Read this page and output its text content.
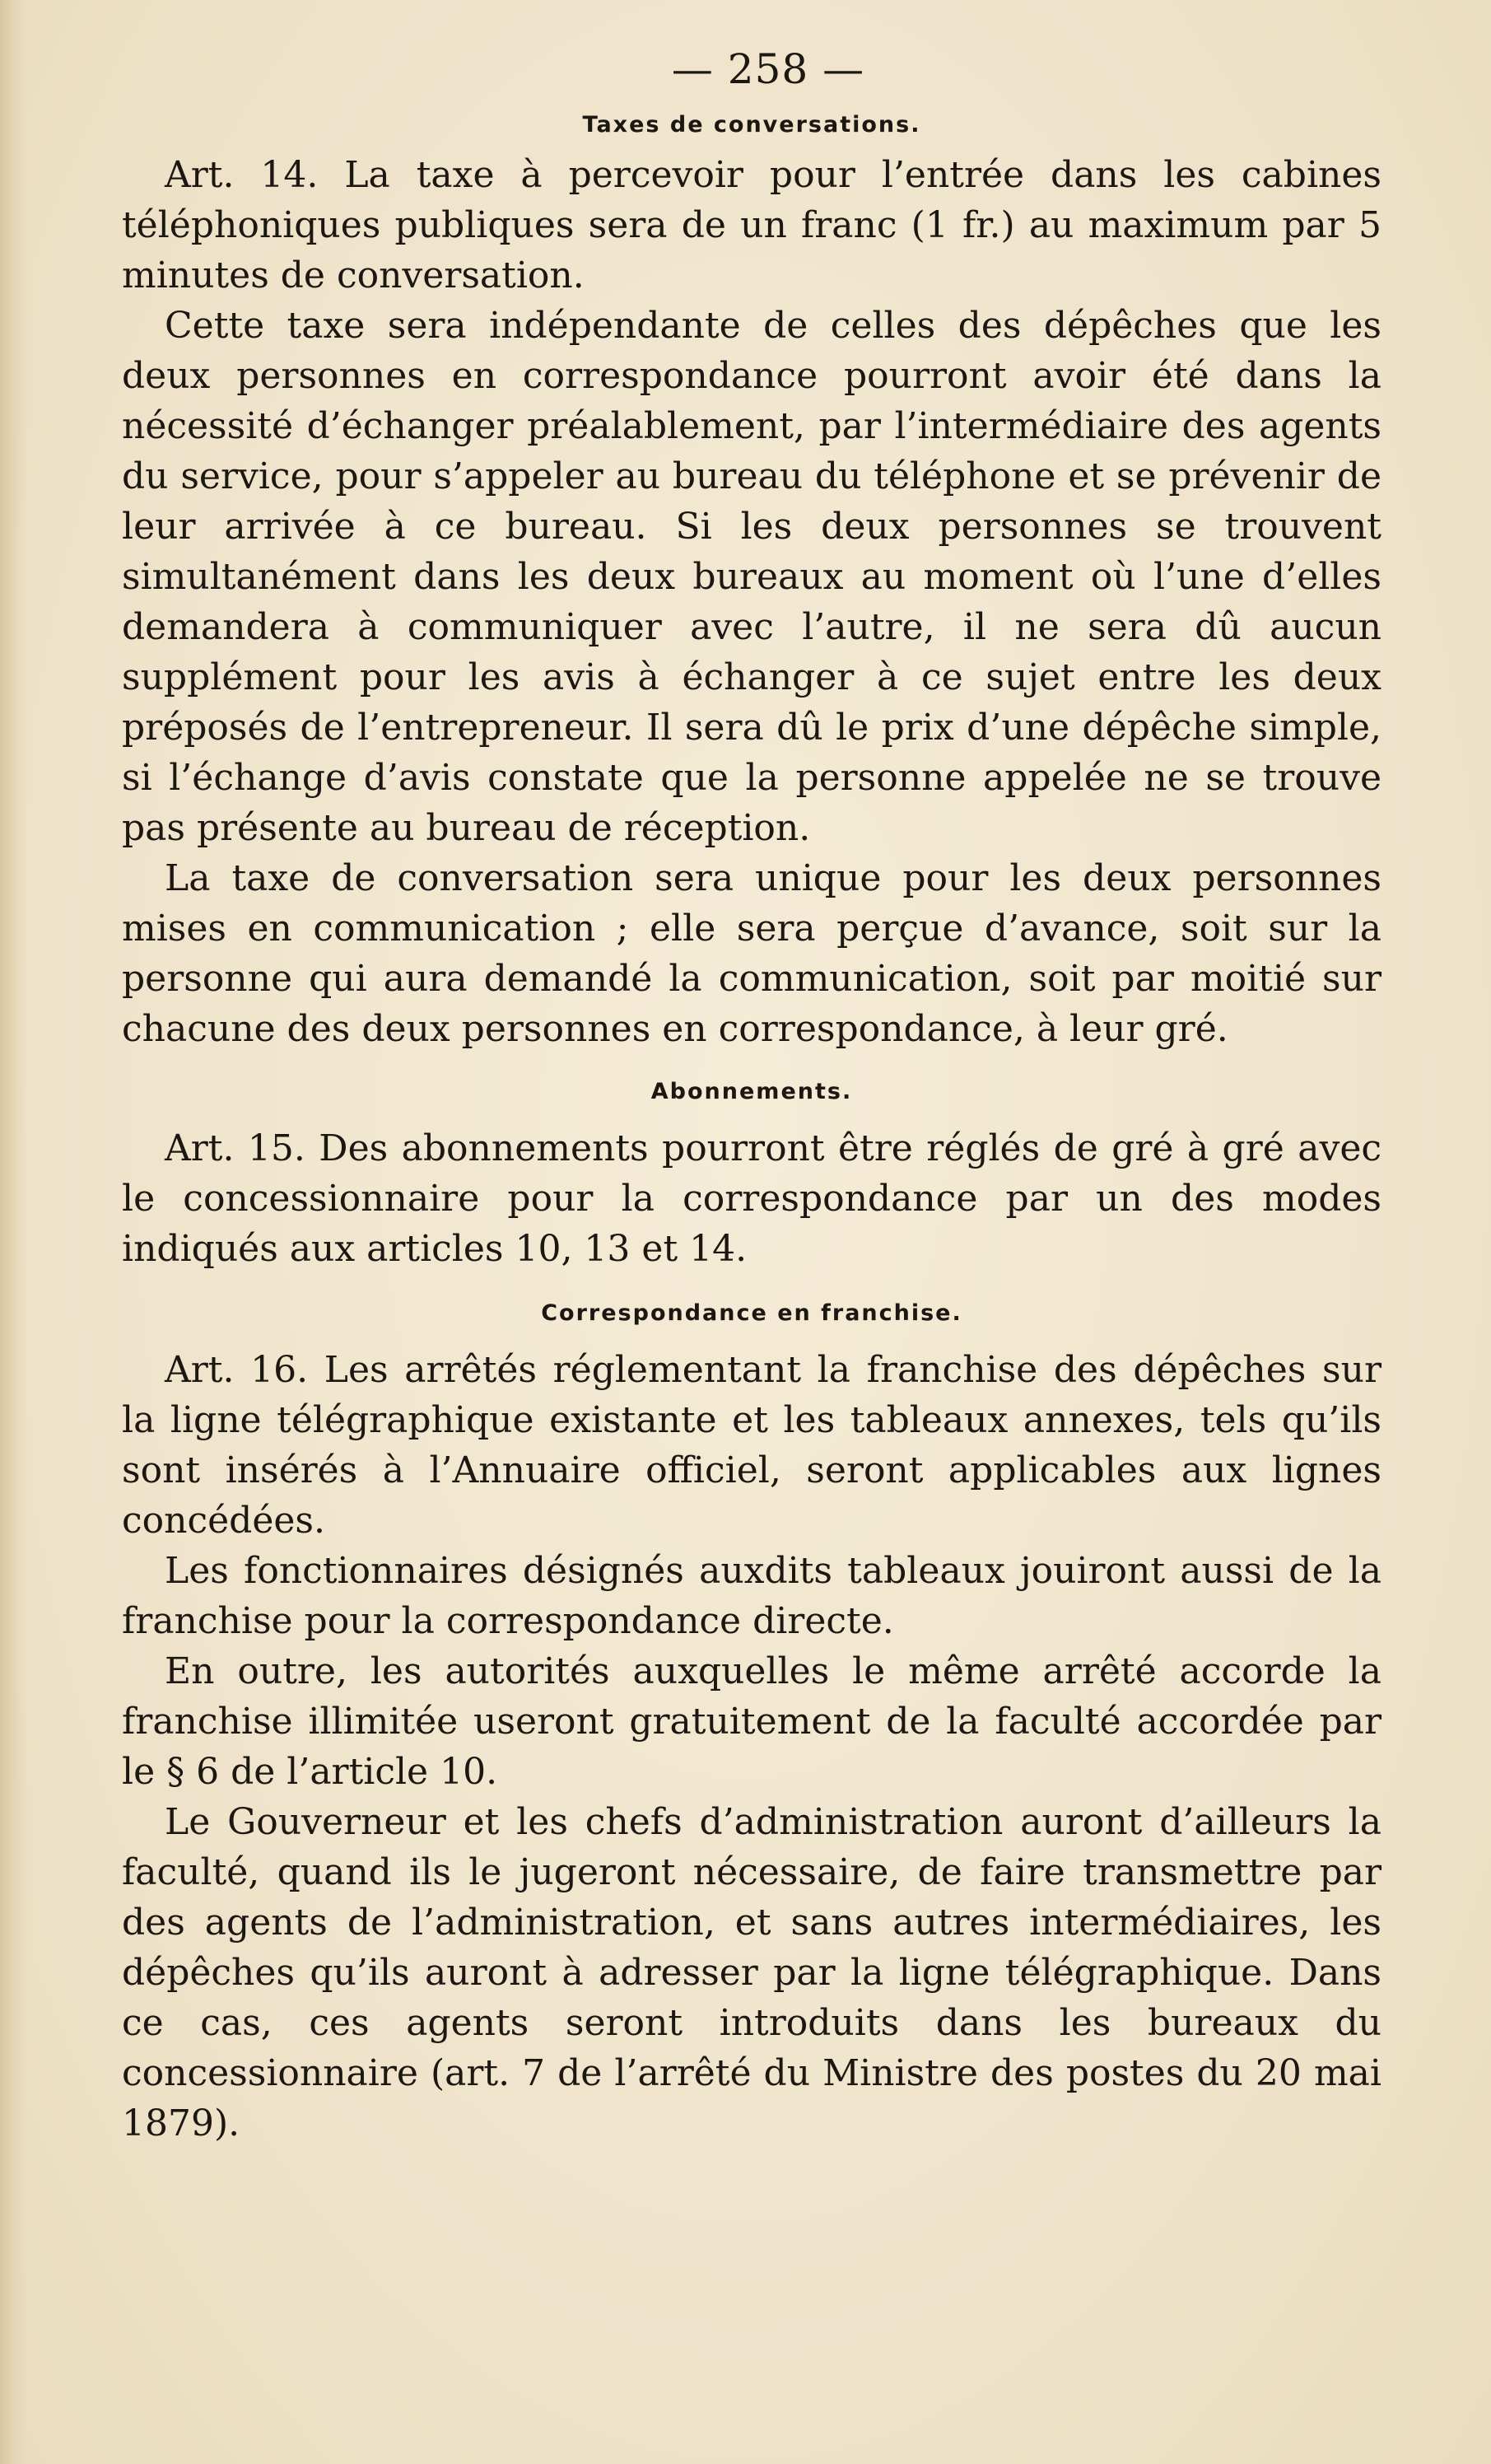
— 258 —
Taxes de conversations.

Art. 14. La taxe à percevoir pour l’entrée dans les cabines téléphoniques publiques sera de un franc (1 fr.) au maximum par 5 minutes de conversation.

Cette taxe sera indépendante de celles des dépêches que les deux personnes en correspondance pourront avoir été dans la nécessité d’échanger préalablement, par l’intermédiaire des agents du service, pour s’appeler au bureau du téléphone et se prévenir de leur arrivée à ce bureau. Si les deux personnes se trouvent simultanément dans les deux bureaux au moment où l’une d’elles demandera à communiquer avec l’autre, il ne sera dû aucun supplément pour les avis à échanger à ce sujet entre les deux préposés de l’entrepreneur. Il sera dû le prix d’une dépêche simple, si l’échange d’avis constate que la personne appelée ne se trouve pas présente au bureau de réception.

La taxe de conversation sera unique pour les deux personnes mises en communication ; elle sera perçue d’avance, soit sur la personne qui aura demandé la communication, soit par moitié sur chacune des deux personnes en correspondance, à leur gré.

Abonnements.

Art. 15. Des abonnements pourront être réglés de gré à gré avec le concessionnaire pour la correspondance par un des modes indiqués aux articles 10, 13 et 14.

Correspondance en franchise.

Art. 16. Les arrêtés réglementant la franchise des dépêches sur la ligne télégraphique existante et les tableaux annexes, tels qu’ils sont insérés à l’Annuaire officiel, seront applicables aux lignes concédées.

Les fonctionnaires désignés auxdits tableaux jouiront aussi de la franchise pour la correspondance directe.

En outre, les autorités auxquelles le même arrêté accorde la franchise illimitée useront gratuitement de la faculté accordée par le § 6 de l’article 10.

Le Gouverneur et les chefs d’administration auront d’ailleurs la faculté, quand ils le jugeront nécessaire, de faire transmettre par des agents de l’administration, et sans autres intermédiaires, les dépêches qu’ils auront à adresser par la ligne télégraphique. Dans ce cas, ces agents seront introduits dans les bureaux du concessionnaire (art. 7 de l’arrêté du Ministre des postes du 20 mai 1879).
